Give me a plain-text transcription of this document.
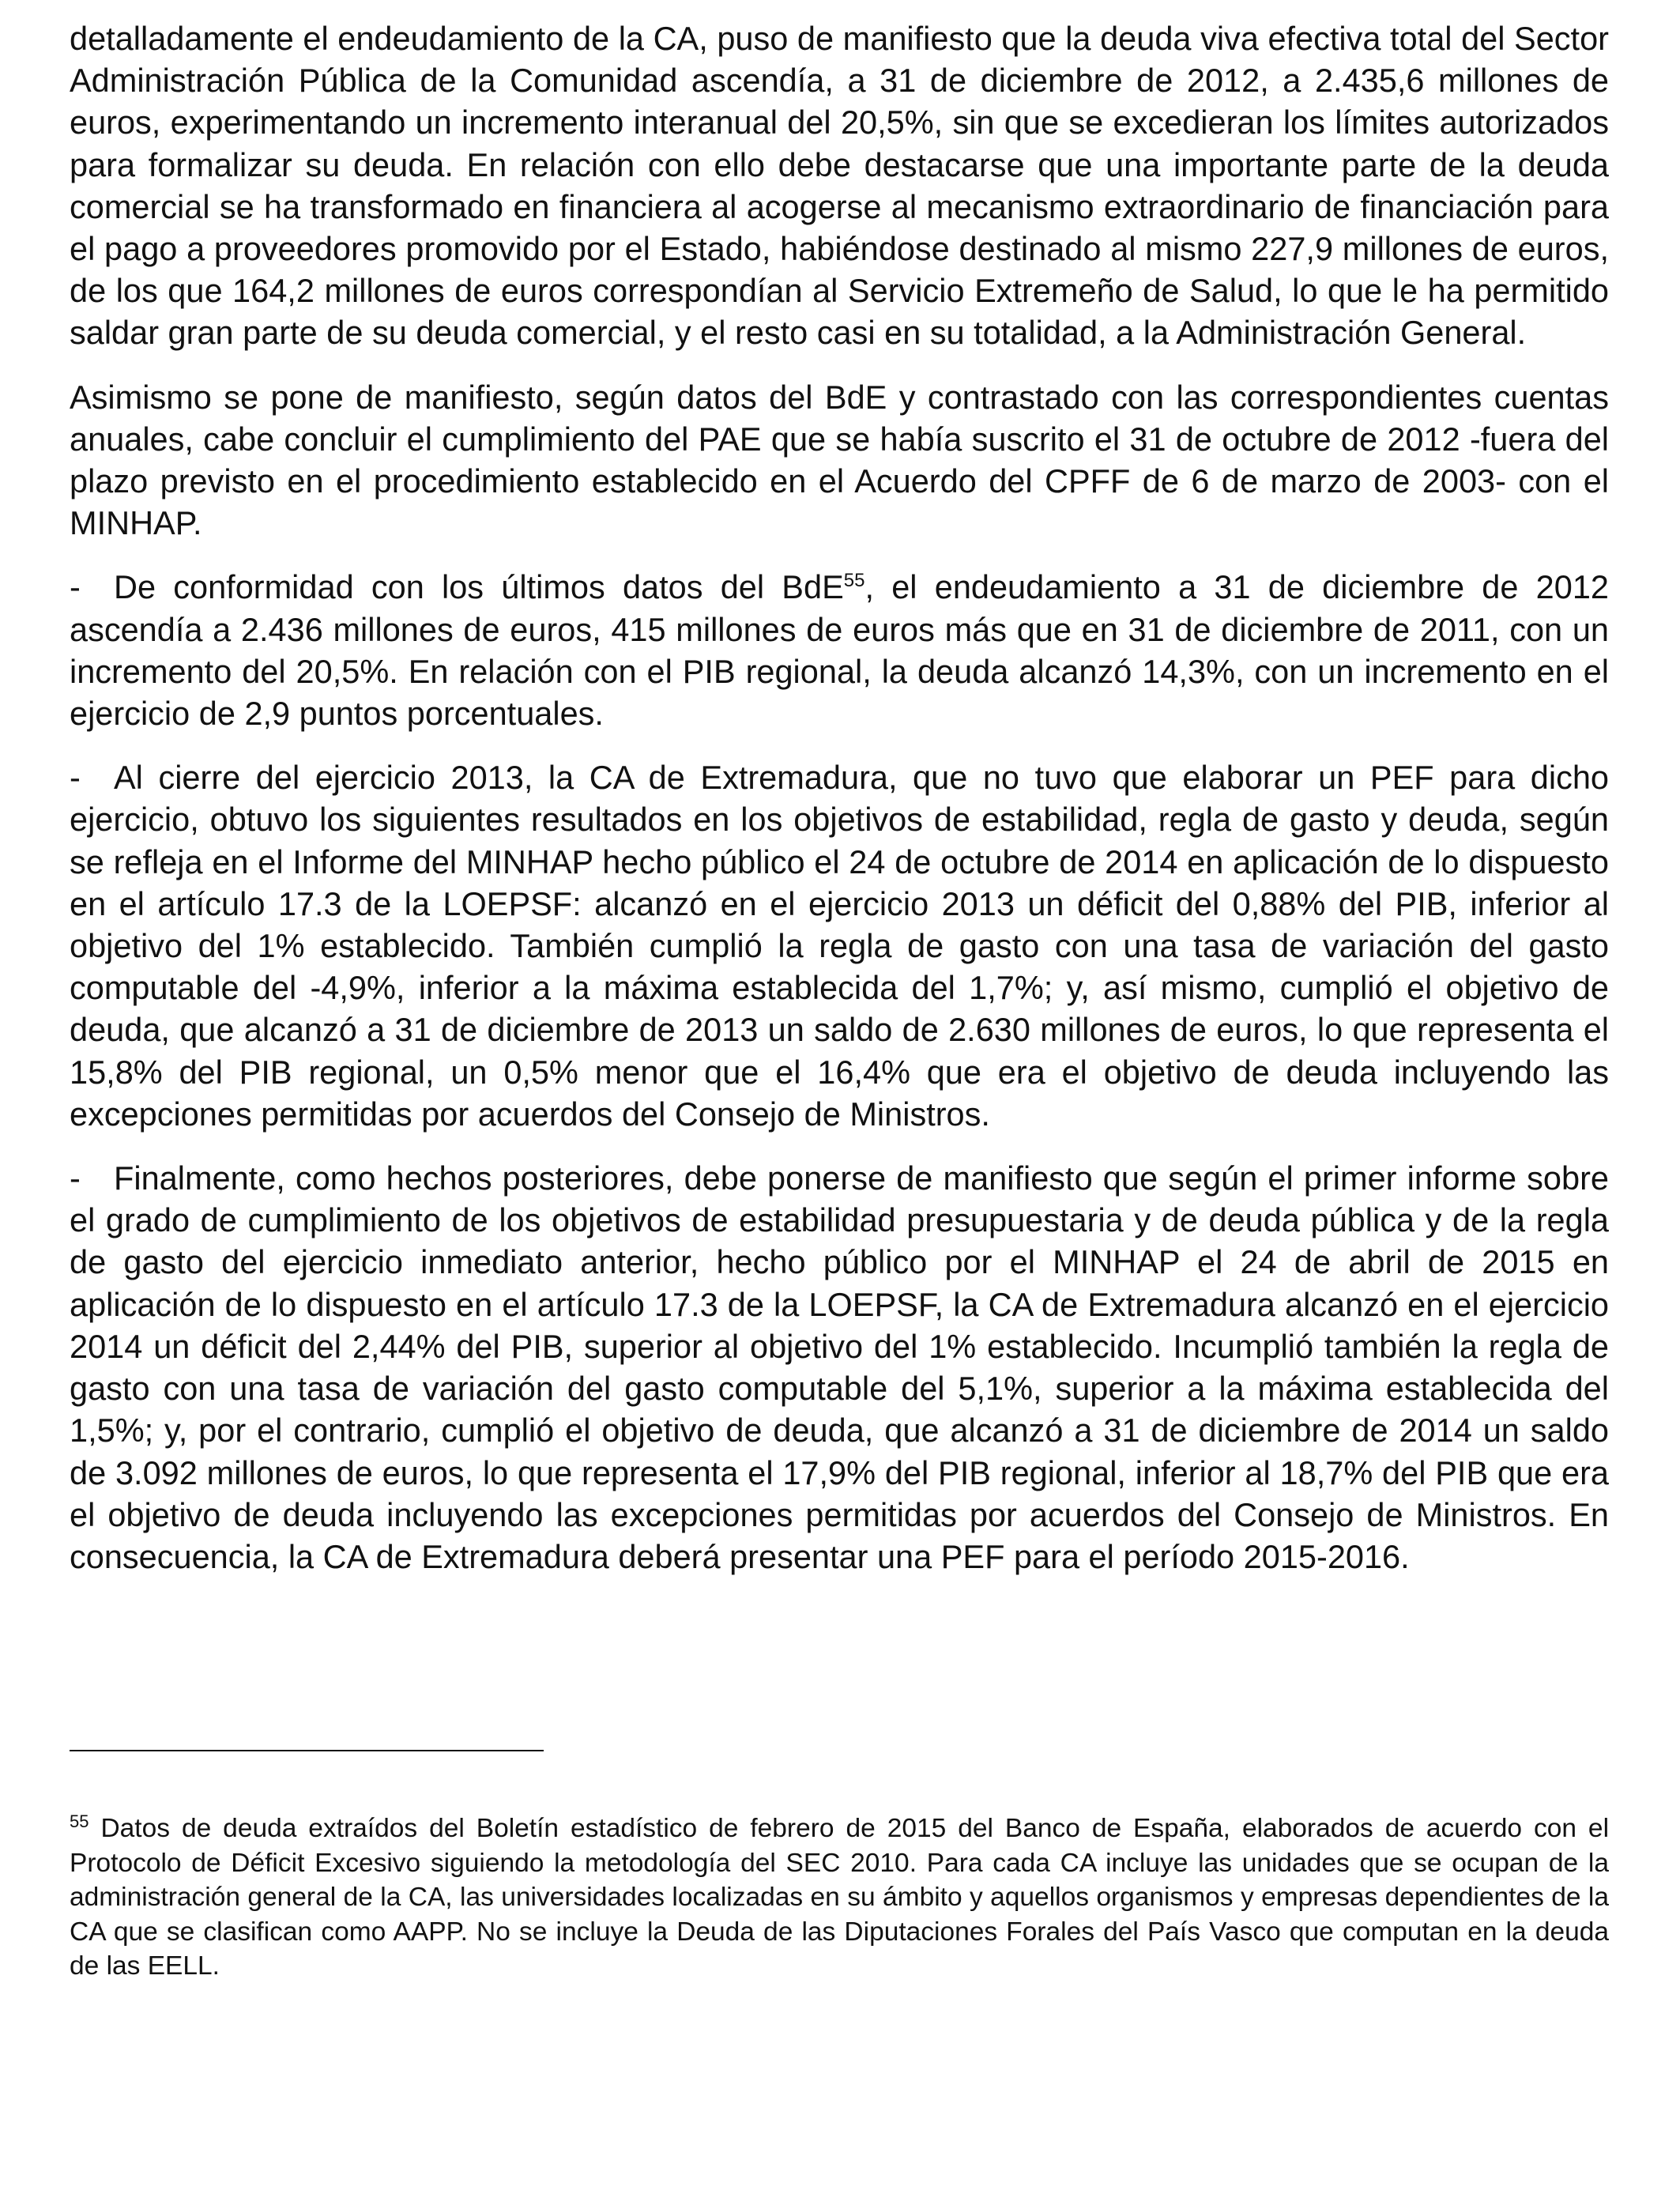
detalladamente el endeudamiento de la CA, puso de manifiesto que la deuda viva efectiva total del Sector Administración Pública de la Comunidad ascendía, a 31 de diciembre de 2012, a 2.435,6 millones de euros, experimentando un incremento interanual del 20,5%, sin que se excedieran los límites autorizados para formalizar su deuda. En relación con ello debe destacarse que una importante parte de la deuda comercial se ha transformado en financiera al acogerse al mecanismo extraordinario de financiación para el pago a proveedores promovido por el Estado, habiéndose destinado al mismo 227,9 millones de euros, de los que 164,2 millones de euros correspondían al Servicio Extremeño de Salud, lo que le ha permitido saldar gran parte de su deuda comercial, y el resto casi en su totalidad, a la Administración General.

Asimismo se pone de manifiesto, según datos del BdE y contrastado con las correspondientes cuentas anuales, cabe concluir el cumplimiento del PAE que se había suscrito el 31 de octubre de 2012 -fuera del plazo previsto en el procedimiento establecido en el Acuerdo del CPFF de 6 de marzo de 2003- con el MINHAP.

- De conformidad con los últimos datos del BdE$^{55}$, el endeudamiento a 31 de diciembre de 2012 ascendía a 2.436 millones de euros, 415 millones de euros más que en 31 de diciembre de 2011, con un incremento del 20,5%. En relación con el PIB regional, la deuda alcanzó 14,3%, con un incremento en el ejercicio de 2,9 puntos porcentuales.

- Al cierre del ejercicio 2013, la CA de Extremadura, que no tuvo que elaborar un PEF para dicho ejercicio, obtuvo los siguientes resultados en los objetivos de estabilidad, regla de gasto y deuda, según se refleja en el Informe del MINHAP hecho público el 24 de octubre de 2014 en aplicación de lo dispuesto en el artículo 17.3 de la LOEPSF: alcanzó en el ejercicio 2013 un déficit del 0,88% del PIB, inferior al objetivo del 1% establecido. También cumplió la regla de gasto con una tasa de variación del gasto computable del -4,9%, inferior a la máxima establecida del 1,7%; y, así mismo, cumplió el objetivo de deuda, que alcanzó a 31 de diciembre de 2013 un saldo de 2.630 millones de euros, lo que representa el 15,8% del PIB regional, un 0,5% menor que el 16,4% que era el objetivo de deuda incluyendo las excepciones permitidas por acuerdos del Consejo de Ministros.

- Finalmente, como hechos posteriores, debe ponerse de manifiesto que según el primer informe sobre el grado de cumplimiento de los objetivos de estabilidad presupuestaria y de deuda pública y de la regla de gasto del ejercicio inmediato anterior, hecho público por el MINHAP el 24 de abril de 2015 en aplicación de lo dispuesto en el artículo 17.3 de la LOEPSF, la CA de Extremadura alcanzó en el ejercicio 2014 un déficit del 2,44% del PIB, superior al objetivo del 1% establecido. Incumplió también la regla de gasto con una tasa de variación del gasto computable del 5,1%, superior a la máxima establecida del 1,5%; y, por el contrario, cumplió el objetivo de deuda, que alcanzó a 31 de diciembre de 2014 un saldo de 3.092 millones de euros, lo que representa el 17,9% del PIB regional, inferior al 18,7% del PIB que era el objetivo de deuda incluyendo las excepciones permitidas por acuerdos del Consejo de Ministros. En consecuencia, la CA de Extremadura deberá presentar una PEF para el período 2015-2016.

$^{55}$ Datos de deuda extraídos del Boletín estadístico de febrero de 2015 del Banco de España, elaborados de acuerdo con el Protocolo de Déficit Excesivo siguiendo la metodología del SEC 2010. Para cada CA incluye las unidades que se ocupan de la administración general de la CA, las universidades localizadas en su ámbito y aquellos organismos y empresas dependientes de la CA que se clasifican como AAPP. No se incluye la Deuda de las Diputaciones Forales del País Vasco que computan en la deuda de las EELL.
